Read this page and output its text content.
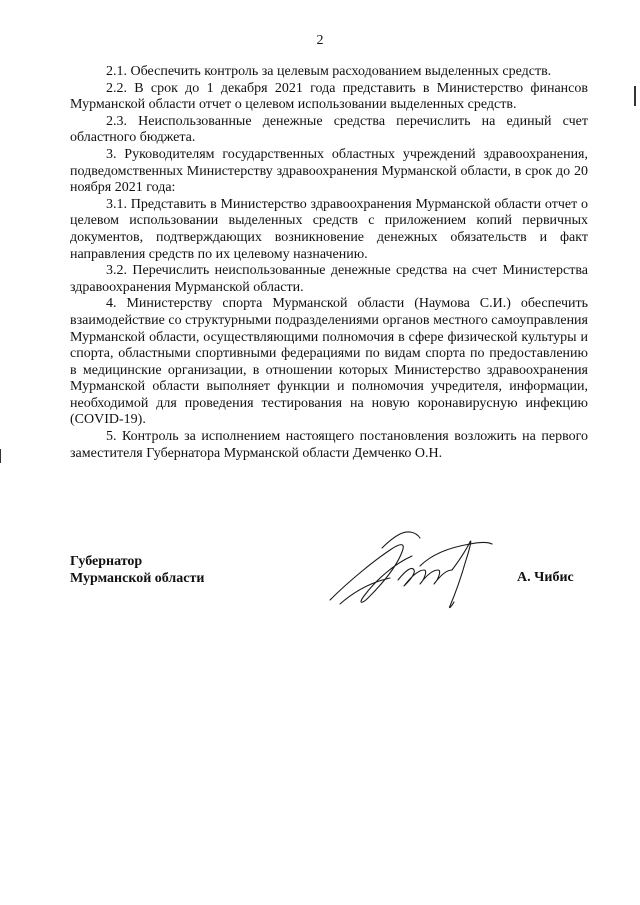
2

2.1. Обеспечить контроль за целевым расходованием выделенных средств.

2.2. В срок до 1 декабря 2021 года представить в Министерство финансов Мурманской области отчет о целевом использовании выделенных средств.

2.3. Неиспользованные денежные средства перечислить на единый счет областного бюджета.

3. Руководителям государственных областных учреждений здравоохранения, подведомственных Министерству здравоохранения Мурманской области, в срок до 20 ноября 2021 года:

3.1. Представить в Министерство здравоохранения Мурманской области отчет о целевом использовании выделенных средств с приложением копий первичных документов, подтверждающих возникновение денежных обязательств и факт направления средств по их целевому назначению.

3.2. Перечислить неиспользованные денежные средства на счет Министерства здравоохранения Мурманской области.

4. Министерству спорта Мурманской области (Наумова С.И.) обеспечить взаимодействие со структурными подразделениями органов местного самоуправления Мурманской области, осуществляющими полномочия в сфере физической культуры и спорта, областными спортивными федерациями по видам спорта по предоставлению в медицинские организации, в отношении которых Министерство здравоохранения Мурманской области выполняет функции и полномочия учредителя, информации, необходимой для проведения тестирования на новую коронавирусную инфекцию (COVID-19).

5. Контроль за исполнением настоящего постановления возложить на первого заместителя Губернатора Мурманской области Демченко О.Н.

Губернатор
Мурманской области	А. Чибис
